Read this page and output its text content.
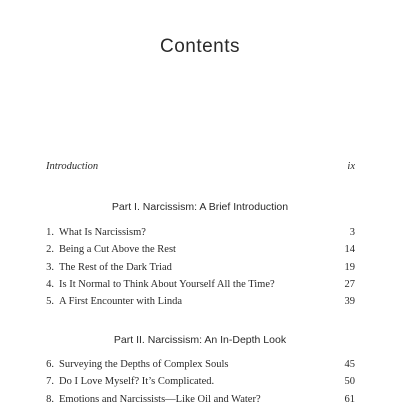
Contents
Introduction	ix
Part I. Narcissism: A Brief Introduction
1. What Is Narcissism?	3
2. Being a Cut Above the Rest	14
3. The Rest of the Dark Triad	19
4. Is It Normal to Think About Yourself All the Time?	27
5. A First Encounter with Linda	39
Part II. Narcissism: An In-Depth Look
6. Surveying the Depths of Complex Souls	45
7. Do I Love Myself? It’s Complicated.	50
8. Emotions and Narcissists—Like Oil and Water?	61
